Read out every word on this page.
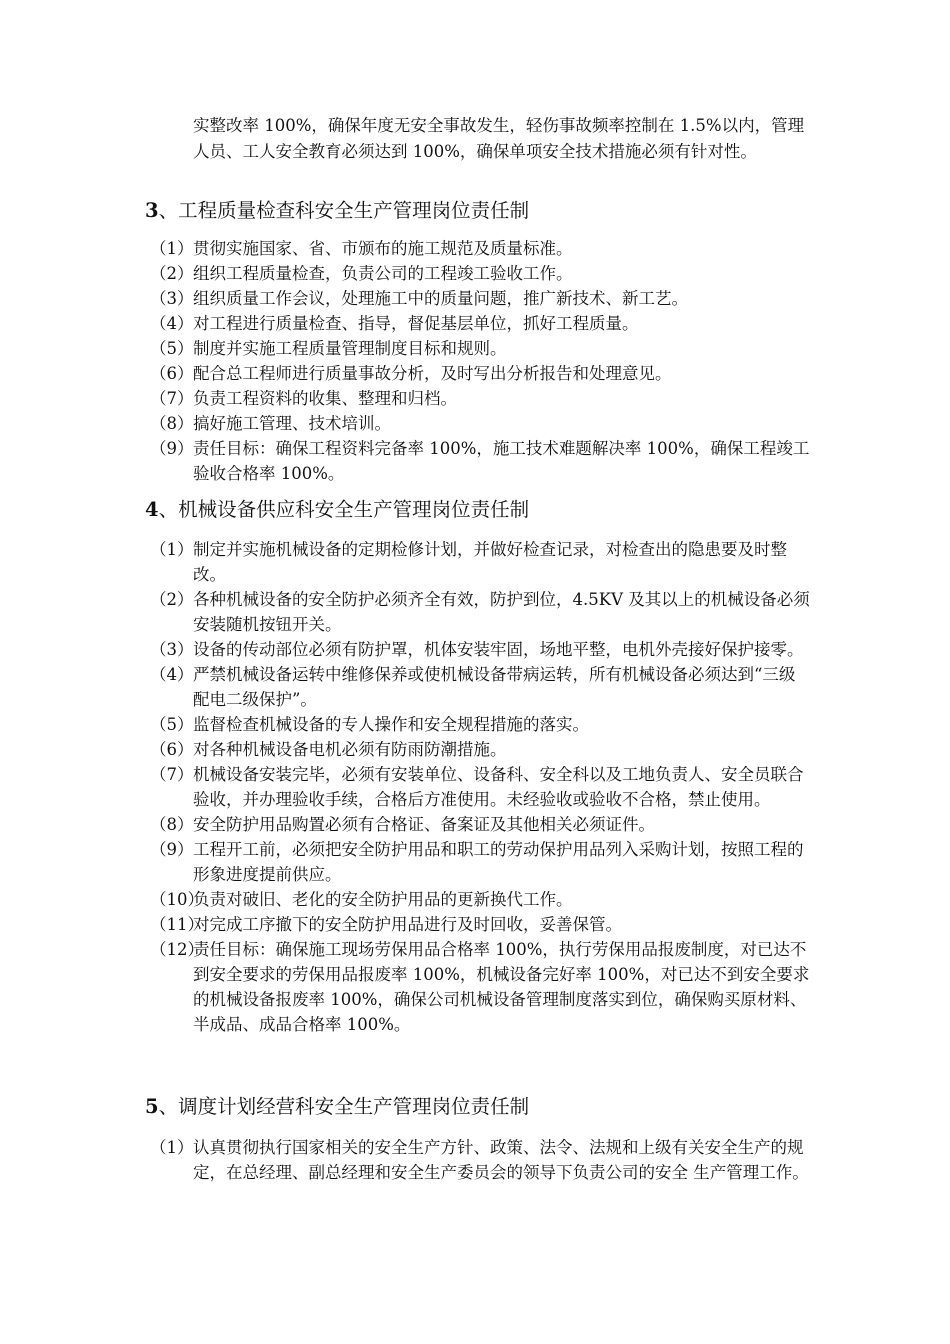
实整改率 100%，确保年度无安全事故发生，轻伤事故频率控制在 1.5%以内，管理人员、工人安全教育必须达到 100%，确保单项安全技术措施必须有针对性。

3、工程质量检查科安全生产管理岗位责任制
（1） 贯彻实施国家、省、市颁布的施工规范及质量标准。
（2） 组织工程质量检查，负责公司的工程竣工验收工作。
（3） 组织质量工作会议，处理施工中的质量问题，推广新技术、新工艺。
（4） 对工程进行质量检查、指导，督促基层单位，抓好工程质量。
（5） 制度并实施工程质量管理制度目标和规则。
（6） 配合总工程师进行质量事故分析，及时写出分析报告和处理意见。
（7） 负责工程资料的收集、整理和归档。
（8） 搞好施工管理、技术培训。
（9） 责任目标：确保工程资料完备率 100%，施工技术难题解决率 100%，确保工程竣工验收合格率 100%。
4、机械设备供应科安全生产管理岗位责任制
（1） 制定并实施机械设备的定期检修计划，并做好检查记录，对检查出的隐患要及时整改。
（2） 各种机械设备的安全防护必须齐全有效，防护到位，4.5KV 及其以上的机械设备必须安装随机按钮开关。
（3） 设备的传动部位必须有防护罩，机体安装牢固，场地平整，电机外壳接好保护接零。
（4） 严禁机械设备运转中维修保养或使机械设备带病运转，所有机械设备必须达到“三级配电二级保护”。
（5） 监督检查机械设备的专人操作和安全规程措施的落实。
（6） 对各种机械设备电机必须有防雨防潮措施。
（7） 机械设备安装完毕，必须有安装单位、设备科、安全科以及工地负责人、安全员联合验收，并办理验收手续，合格后方准使用。未经验收或验收不合格，禁止使用。
（8） 安全防护用品购置必须有合格证、备案证及其他相关必须证件。
（9） 工程开工前，必须把安全防护用品和职工的劳动保护用品列入采购计划，按照工程的形象进度提前供应。
（10）
负责对破旧、老化的安全防护用品的更新换代工作。
（11）
对完成工序撤下的安全防护用品进行及时回收，妥善保管。
（12）
责任目标：确保施工现场劳保用品合格率 100%，执行劳保用品报废制度，对已达不到安全要求的劳保用品报废率 100%，机械设备完好率 100%，对已达不到安全要求的机械设备报废率 100%，确保公司机械设备管理制度落实到位，确保购买原材料、半成品、成品合格率 100%。
5、调度计划经营科安全生产管理岗位责任制
（1） 认真贯彻执行国家相关的安全生产方针、政策、法令、法规和上级有关安全生产的规定，在总经理、副总经理和安全生产委员会的领导下负责公司的安全 生产管理工作。
